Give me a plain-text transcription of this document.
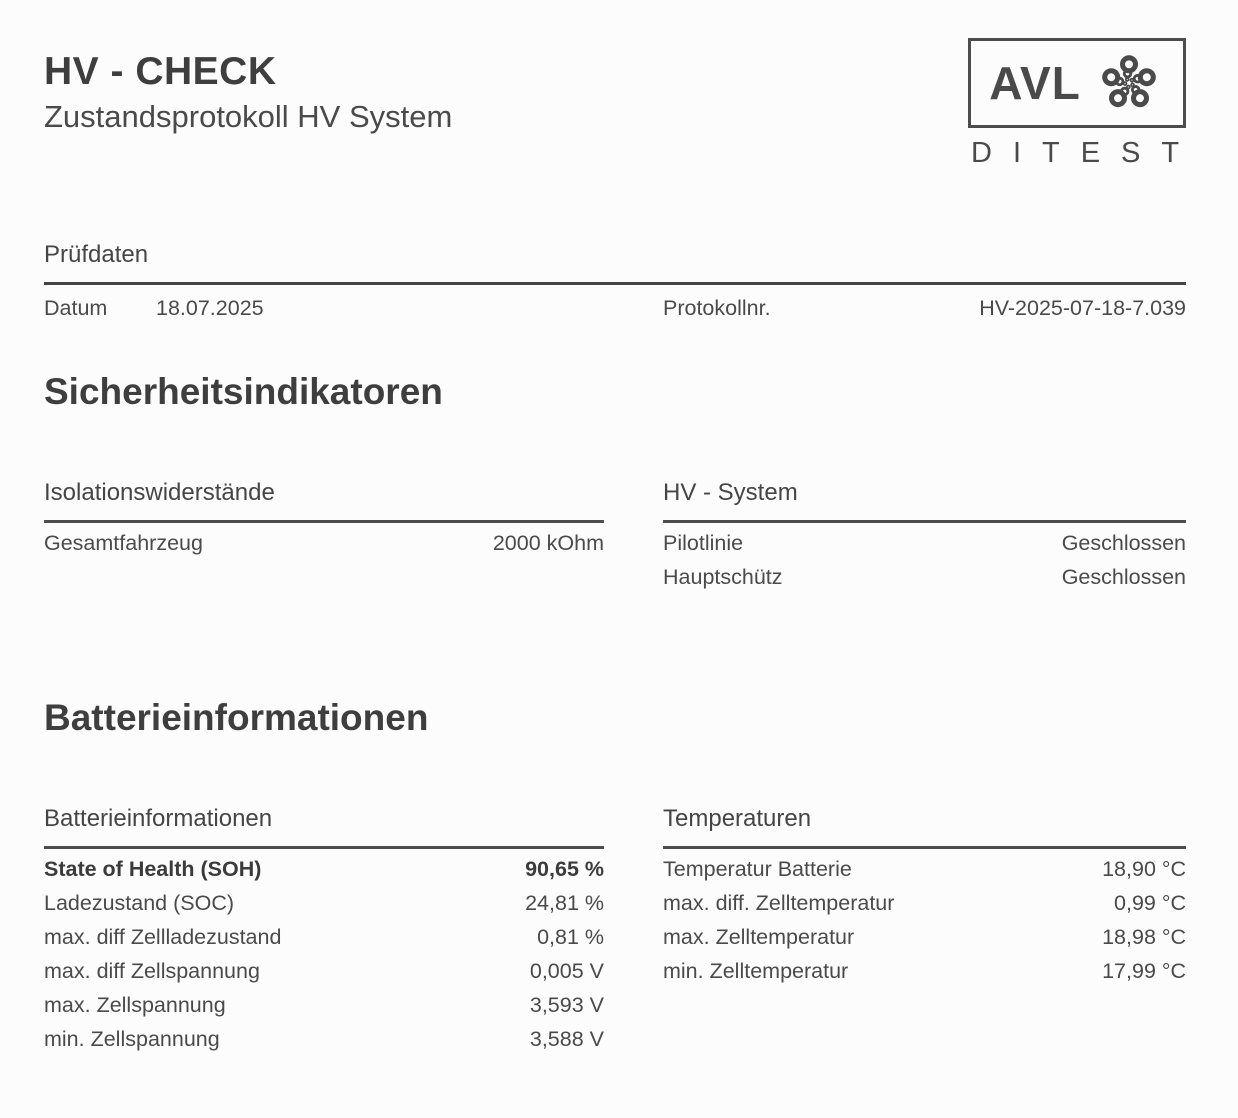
HV - CHECK
Zustandsprotokoll HV System
AVL
DITEST
Prüfdaten
Datum	18.07.2025	Protokollnr.	HV-2025-07-18-7.039
Sicherheitsindikatoren
Isolationswiderstände
Gesamtfahrzeug	2000 kOhm
HV - System
Pilotlinie	Geschlossen
Hauptschütz	Geschlossen
Batterieinformationen
Batterieinformationen
State of Health (SOH)	90,65 %
Ladezustand (SOC)	24,81 %
max. diff Zellladezustand	0,81 %
max. diff Zellspannung	0,005 V
max. Zellspannung	3,593 V
min. Zellspannung	3,588 V
Temperaturen
Temperatur Batterie	18,90 °C
max. diff. Zelltemperatur	0,99 °C
max. Zelltemperatur	18,98 °C
min. Zelltemperatur	17,99 °C
